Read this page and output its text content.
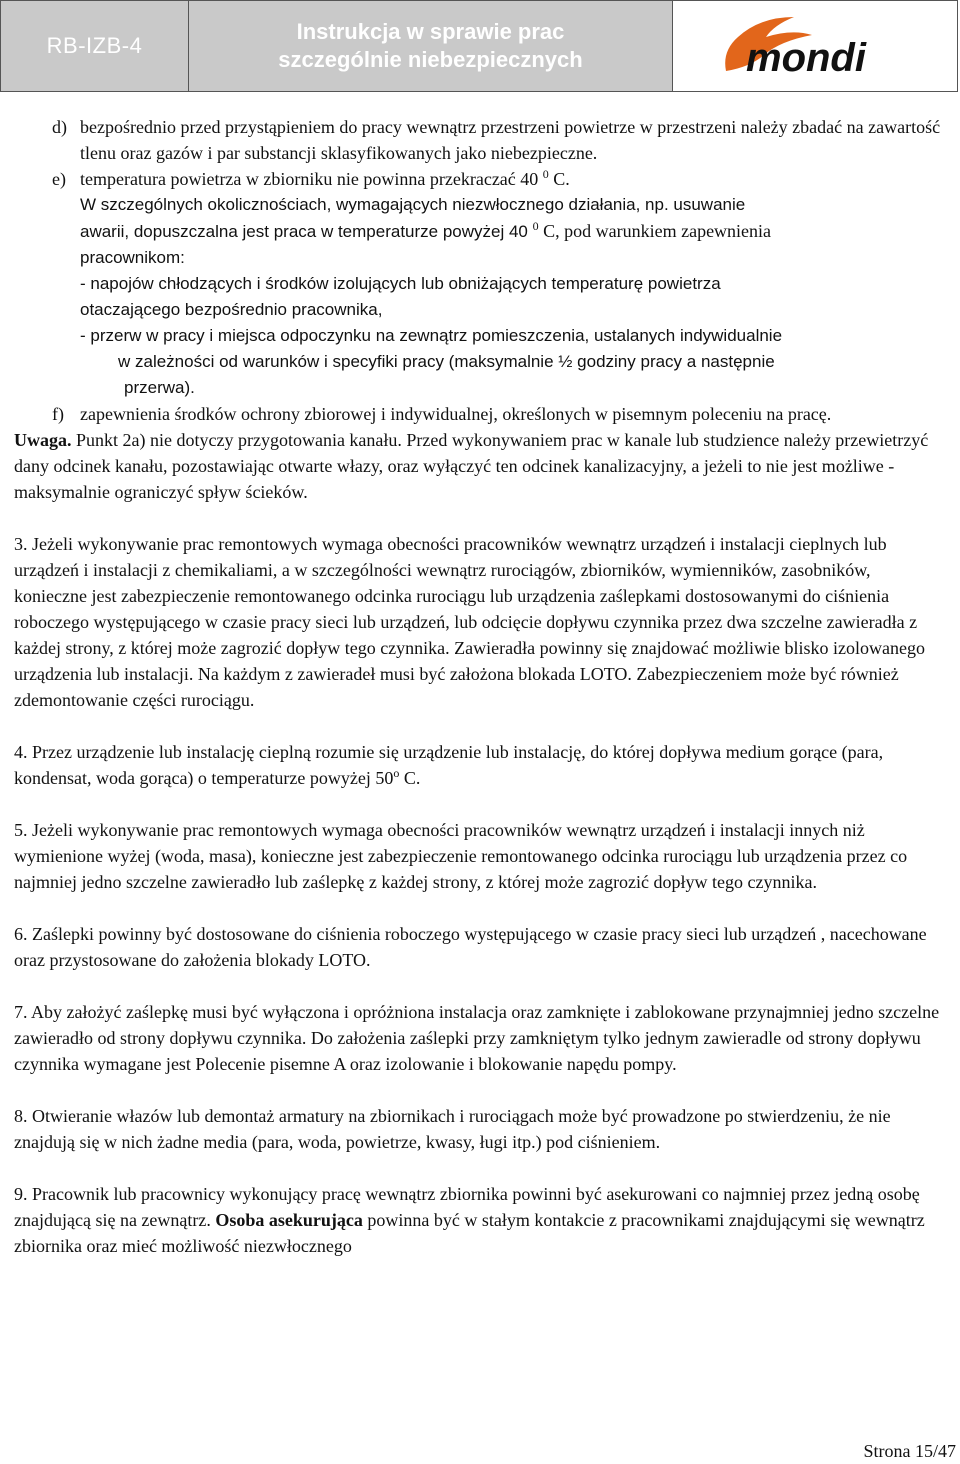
RB-IZB-4
Instrukcja w sprawie prac
szczególnie niebezpiecznych	mondi
d) bezpośrednio przed przystąpieniem do pracy wewnątrz przestrzeni powietrze w przestrzeni należy zbadać na zawartość tlenu oraz gazów i par substancji sklasyfikowanych jako niebezpieczne.
e) temperatura powietrza w zbiorniku nie powinna przekraczać 40 $^0$ C.
W szczególnych okolicznościach, wymagających niezwłocznego działania, np. usuwanie
awarii, dopuszczalna jest praca w temperaturze powyżej 40 $^0$ C, pod warunkiem zapewnienia
pracownikom:
- napojów chłodzących i środków izolujących lub obniżających temperaturę powietrza
otaczającego bezpośrednio pracownika,
- przerw w pracy i miejsca odpoczynku na zewnątrz pomieszczenia, ustalanych indywidualnie
w zależności od warunków i specyfiki pracy (maksymalnie ½ godziny pracy a następnie
przerwa).
f) zapewnienia środków ochrony zbiorowej i indywidualnej, określonych w pisemnym poleceniu na pracę.

Uwaga. Punkt 2a) nie dotyczy przygotowania kanału. Przed wykonywaniem prac w kanale lub studzience należy przewietrzyć dany odcinek kanału, pozostawiając otwarte włazy, oraz wyłączyć ten odcinek kanalizacyjny, a jeżeli to nie jest możliwe - maksymalnie ograniczyć spływ ścieków.

3. Jeżeli wykonywanie prac remontowych wymaga obecności pracowników wewnątrz urządzeń i instalacji cieplnych lub urządzeń i instalacji z chemikaliami, a w szczególności wewnątrz rurociągów, zbiorników, wymienników, zasobników, konieczne jest zabezpieczenie remontowanego odcinka rurociągu lub urządzenia zaślepkami dostosowanymi do ciśnienia roboczego występującego w czasie pracy sieci lub urządzeń, lub odcięcie dopływu czynnika przez dwa szczelne zawieradła z każdej strony, z której może zagrozić dopływ tego czynnika. Zawieradła powinny się znajdować możliwie blisko izolowanego urządzenia lub instalacji. Na każdym z zawieradeł musi być założona blokada LOTO. Zabezpieczeniem może być również zdemontowanie części rurociągu.

4. Przez urządzenie lub instalację cieplną rozumie się urządzenie lub instalację, do której dopływa medium gorące (para, kondensat, woda gorąca) o temperaturze powyżej 50$^o$ C.

5. Jeżeli wykonywanie prac remontowych wymaga obecności pracowników wewnątrz urządzeń i instalacji innych niż wymienione wyżej (woda, masa), konieczne jest zabezpieczenie remontowanego odcinka rurociągu lub urządzenia przez co najmniej jedno szczelne zawieradło lub zaślepkę z każdej strony, z której może zagrozić dopływ tego czynnika.

6. Zaślepki powinny być dostosowane do ciśnienia roboczego występującego w czasie pracy sieci lub urządzeń , nacechowane oraz przystosowane do założenia blokady LOTO.

7. Aby założyć zaślepkę musi być wyłączona i opróżniona instalacja oraz zamknięte i zablokowane przynajmniej jedno szczelne zawieradło od strony dopływu czynnika. Do założenia zaślepki przy zamkniętym tylko jednym zawieradle od strony dopływu czynnika wymagane jest Polecenie pisemne A oraz izolowanie i blokowanie napędu pompy.

8. Otwieranie włazów lub demontaż armatury na zbiornikach i rurociągach może być prowadzone po stwierdzeniu, że nie znajdują się w nich żadne media (para, woda, powietrze, kwasy, ługi itp.) pod ciśnieniem.

9. Pracownik lub pracownicy wykonujący pracę wewnątrz zbiornika powinni być asekurowani co najmniej przez jedną osobę znajdującą się na zewnątrz. Osoba asekurująca powinna być w stałym kontakcie z pracownikami znajdującymi się wewnątrz zbiornika oraz mieć możliwość niezwłocznego

Strona 15/47
